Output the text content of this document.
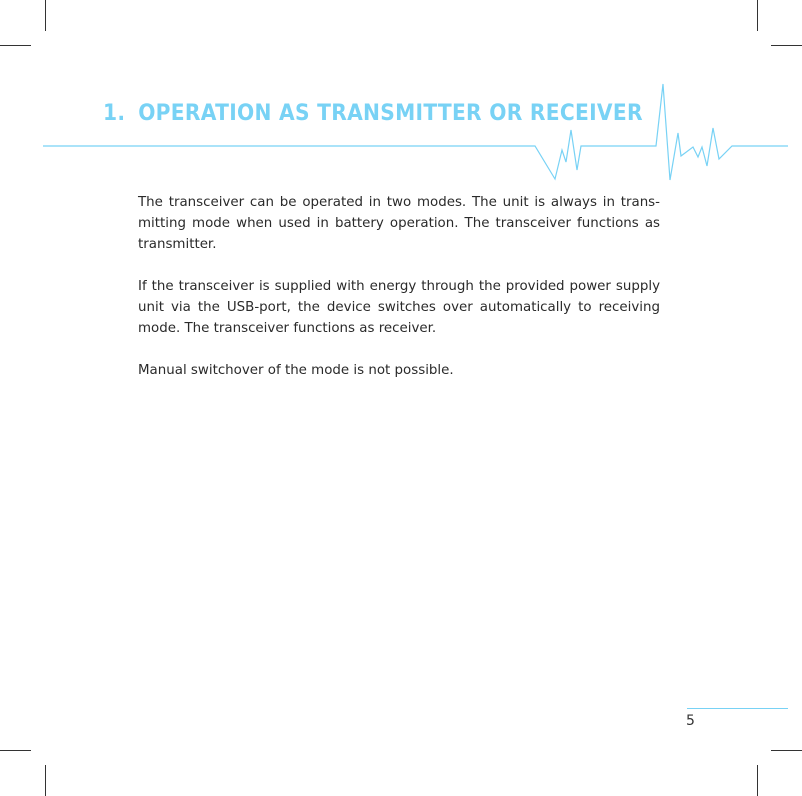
1. OPERATION AS TRANSMITTER OR RECEIVER

The transceiver can be operated in two modes. The unit is always in trans-mitting mode when used in battery operation. The transceiver functions as transmitter.

If the transceiver is supplied with energy through the provided power supply unit via the USB-port, the device switches over automatically to receiving mode. The transceiver functions as receiver.

Manual switchover of the mode is not possible.

5
